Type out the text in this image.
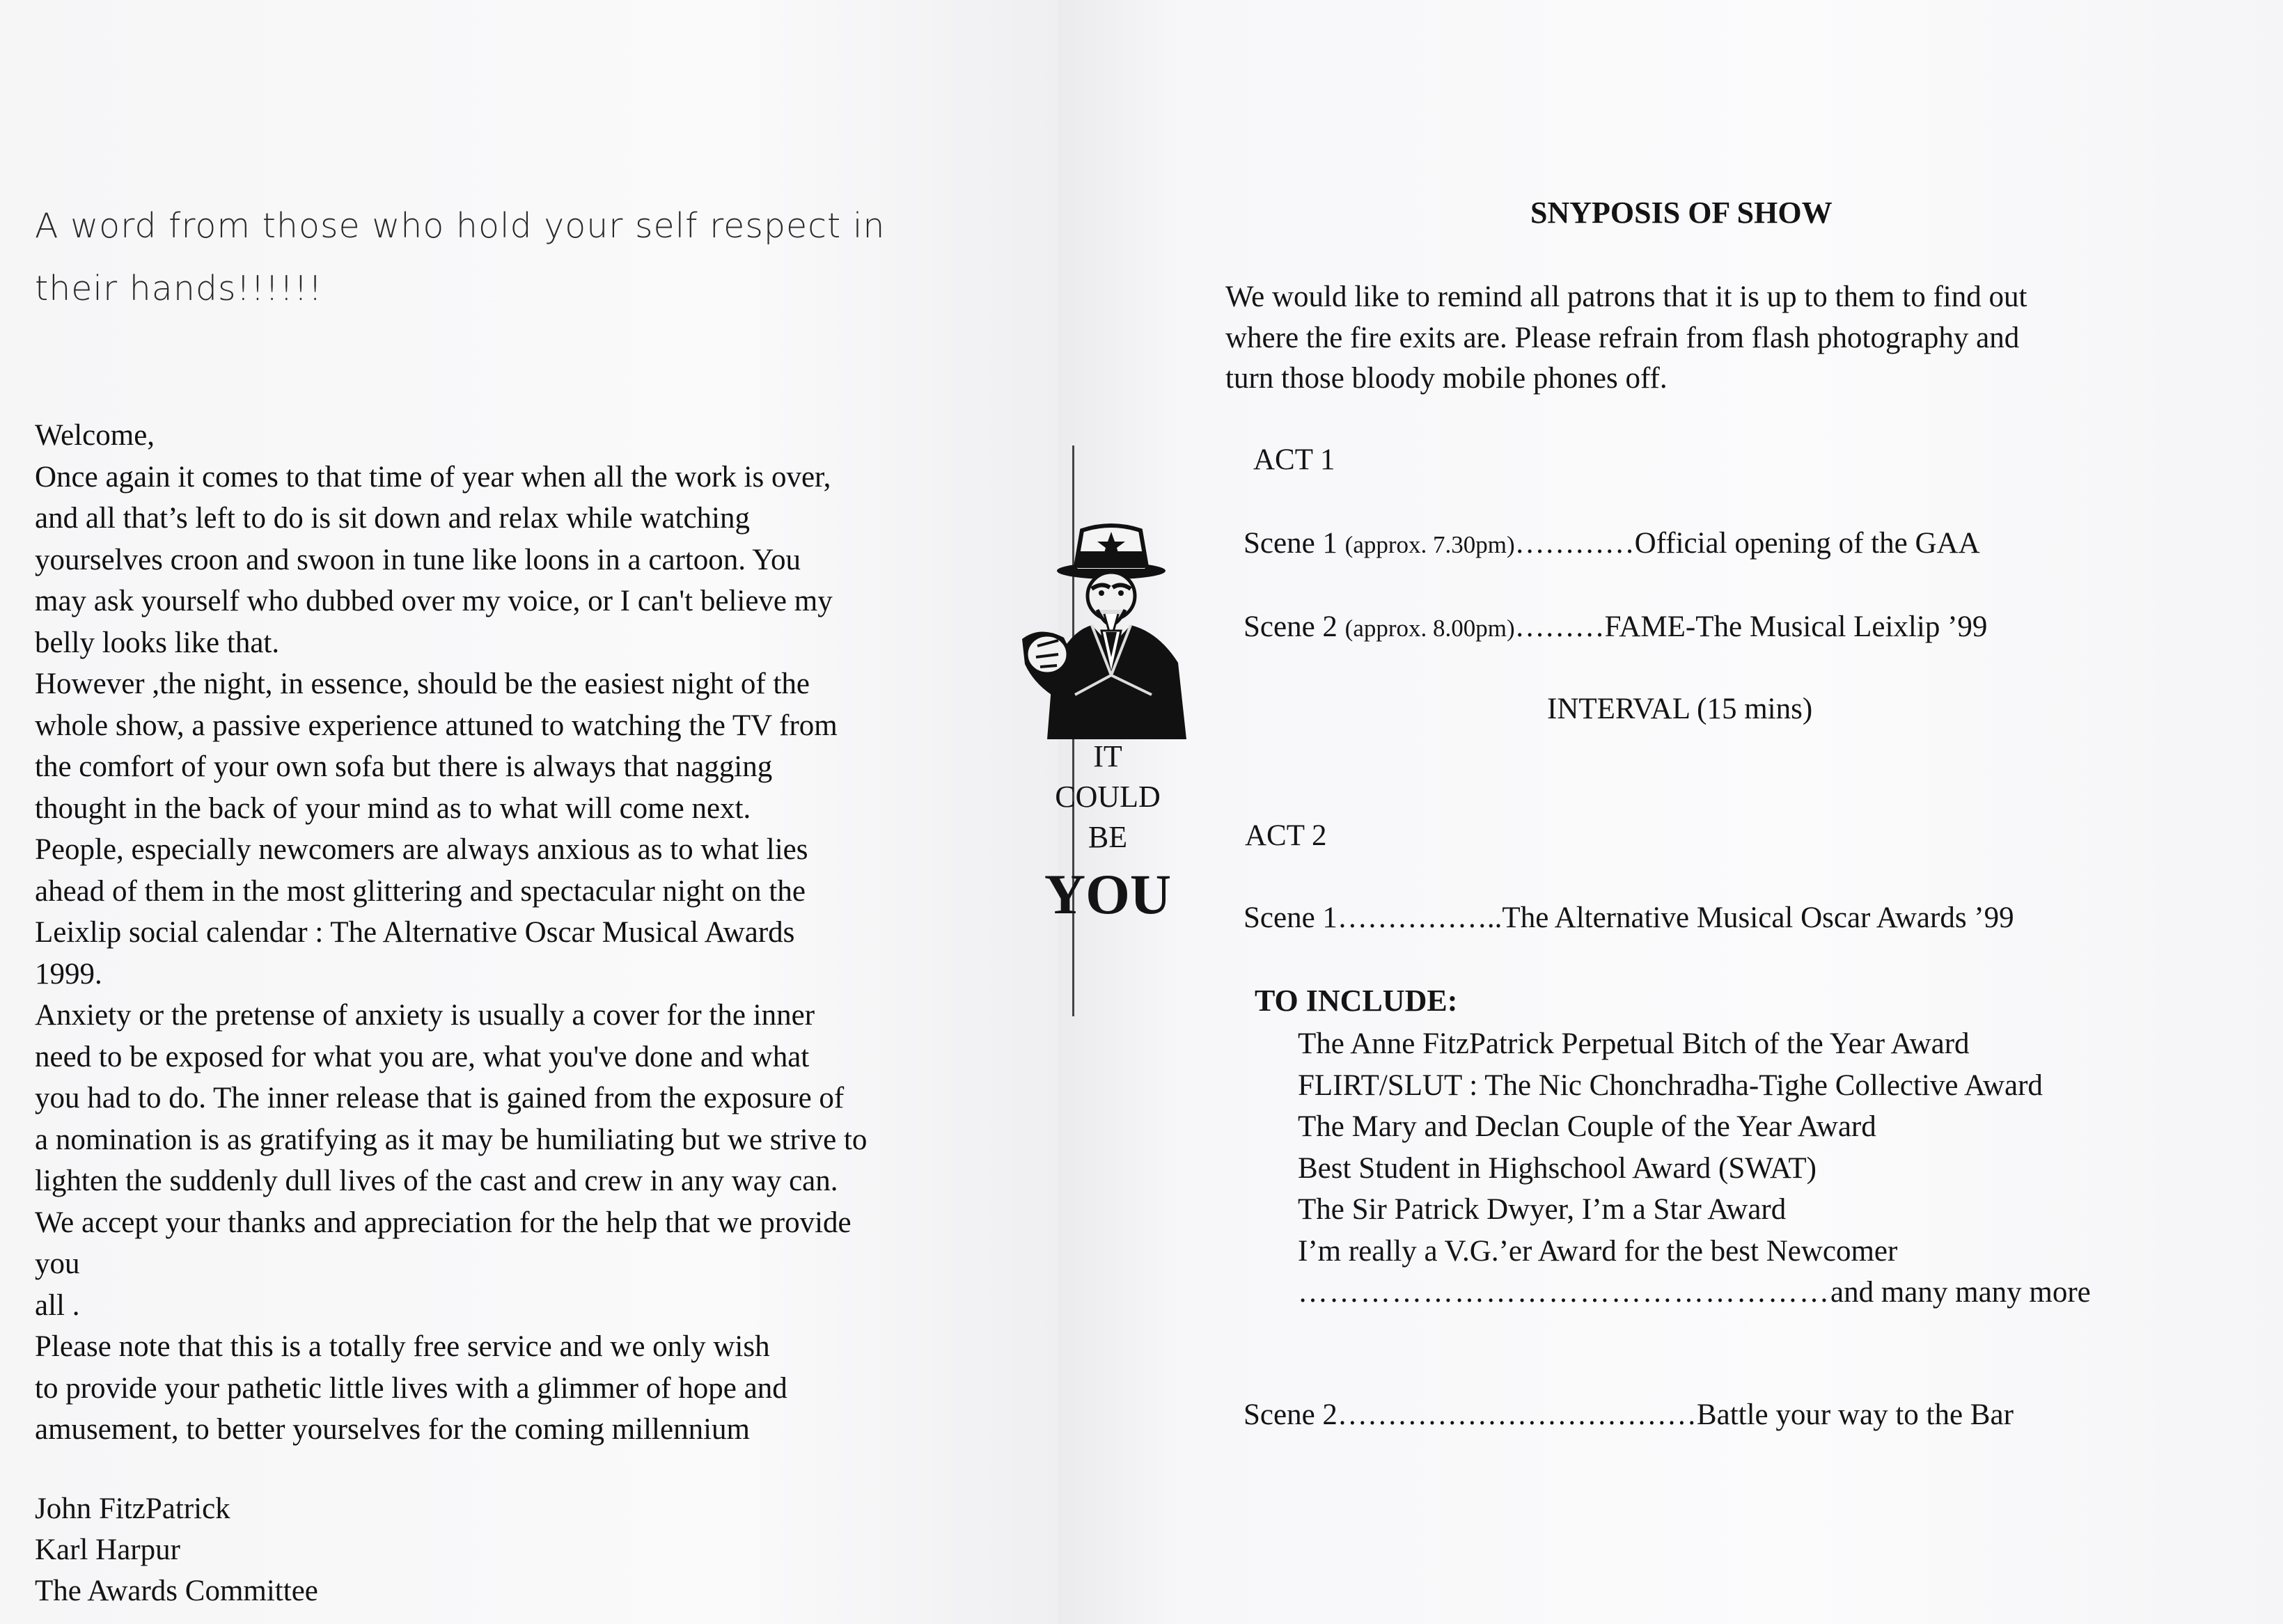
A word from those who hold your self respect in
their hands!!!!!!
Welcome,
Once again it comes to that time of year when all the work is over,
and all that’s left to do is sit down and relax while watching
yourselves croon and swoon in tune like loons in a cartoon. You
may ask yourself who dubbed over my voice, or I can't believe my
belly looks like that.
However ,the night, in essence, should be the easiest night of the
whole show, a passive experience attuned to watching the TV from
the comfort of your own sofa but there is always that nagging
thought in the back of your mind as to what will come next.
People, especially newcomers are always anxious as to what lies
ahead of them in the most glittering and spectacular night on the
Leixlip social calendar : The Alternative Oscar Musical Awards
1999.
Anxiety or the pretense of anxiety is usually a cover for the inner
need to be exposed for what you are, what you've done and what
you had to do. The inner release that is gained from the exposure of
a nomination is as gratifying as it may be humiliating but we strive to
lighten the suddenly dull lives of the cast and crew in any way can.
We accept your thanks and appreciation for the help that we provide
you
all .
Please note that this is a totally free service and we only wish
to provide your pathetic little lives with a glimmer of hope and
amusement, to better yourselves for the coming millennium
John FitzPatrick
Karl Harpur
The Awards Committee
IT
COULD
BE
YOU
SNYPOSIS OF SHOW
We would like to remind all patrons that it is up to them to find out
where the fire exits are. Please refrain from flash photography and
turn those bloody mobile phones off.
ACT 1
Scene 1 (approx. 7.30pm)…………Official opening of the GAA
Scene 2 (approx. 8.00pm)………FAME-The Musical Leixlip ’99
INTERVAL (15 mins)
ACT 2
Scene 1……………..The Alternative Musical Oscar Awards ’99
TO INCLUDE:
The Anne FitzPatrick Perpetual Bitch of the Year Award
FLIRT/SLUT : The Nic Chonchradha-Tighe Collective Award
The Mary and Declan Couple of the Year Award
Best Student in Highschool Award (SWAT)
The Sir Patrick Dwyer, I’m a Star Award
I’m really a V.G.’er Award for the best Newcomer
……………………………………………and many many more
Scene 2………………………………Battle your way to the Bar
